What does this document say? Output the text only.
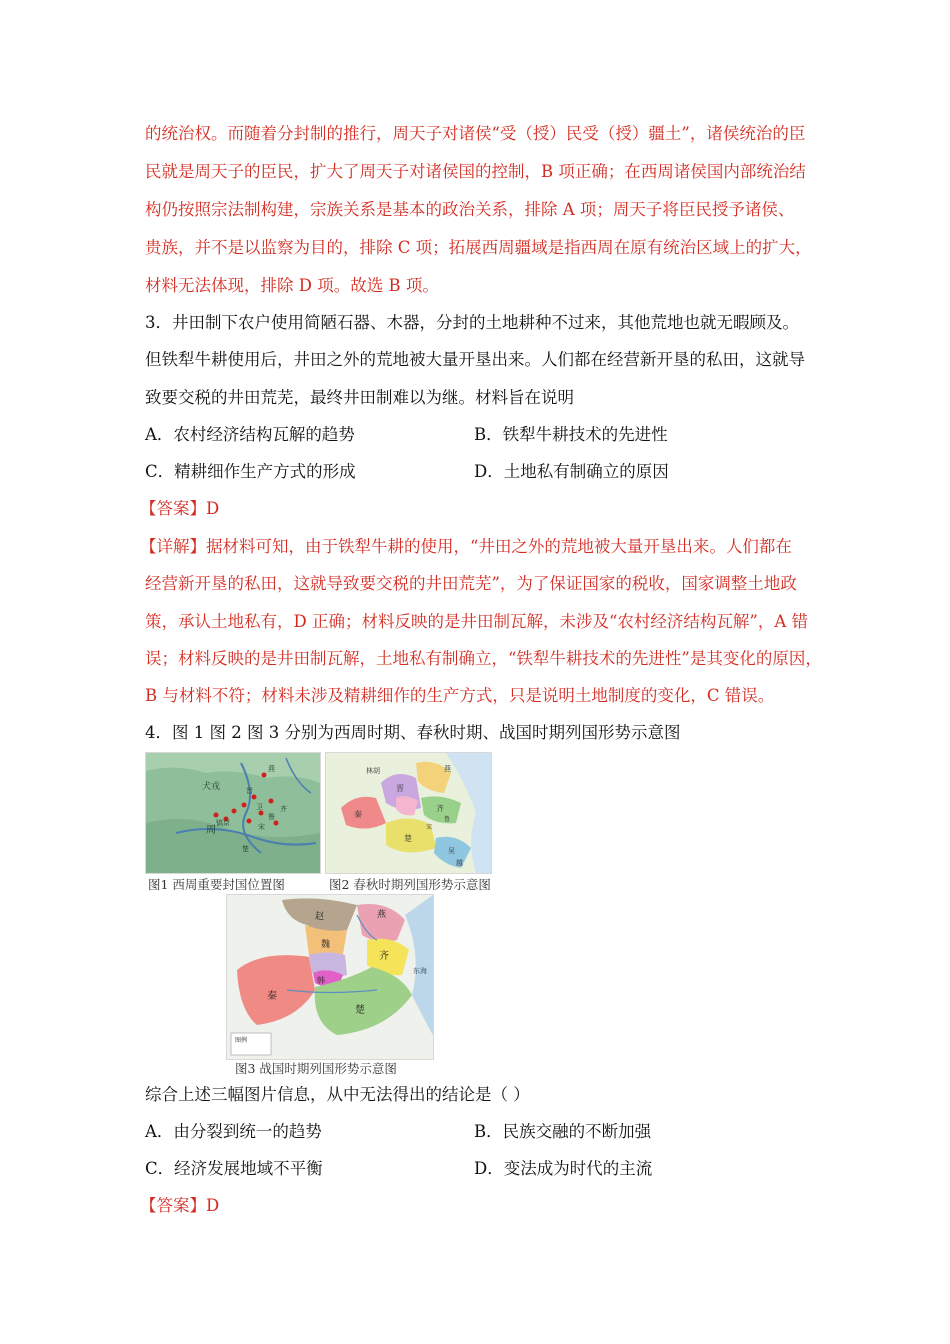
的统治权。而随着分封制的推行，周天子对诸侯“受（授）民受（授）疆土”，诸侯统治的臣
民就是周天子的臣民，扩大了周天子对诸侯国的控制，B 项正确；在西周诸侯国内部统治结
构仍按照宗法制构建，宗族关系是基本的政治关系，排除 A 项；周天子将臣民授予诸侯、
贵族，并不是以监察为目的，排除 C 项；拓展西周疆域是指西周在原有统治区域上的扩大，
材料无法体现，排除 D 项。故选 B 项。
3．井田制下农户使用简陋石器、木器，分封的土地耕种不过来，其他荒地也就无暇顾及。
但铁犁牛耕使用后，井田之外的荒地被大量开垦出来。人们都在经营新开垦的私田，这就导
致要交税的井田荒芜，最终井田制难以为继。材料旨在说明
A．农村经济结构瓦解的趋势	B．铁犁牛耕技术的先进性
C．精耕细作生产方式的形成	D．土地私有制确立的原因
【答案】D
【详解】据材料可知，由于铁犁牛耕的使用，“井田之外的荒地被大量开垦出来。人们都在
经营新开垦的私田，这就导致要交税的井田荒芜”，为了保证国家的税收，国家调整土地政
策，承认土地私有，D 正确；材料反映的是井田制瓦解，未涉及“农村经济结构瓦解”，A 错
误；材料反映的是井田制瓦解，土地私有制确立，“铁犁牛耕技术的先进性”是其变化的原因，
B 与材料不符；材料未涉及精耕细作的生产方式，只是说明土地制度的变化，C 错误。
4．图 1 图 2 图 3 分别为西周时期、春秋时期、战国时期列国形势示意图
犬戎
周
镐京
燕
晋
齐
鲁
卫
宋
楚
图1 西周重要封国位置图
燕
晋
秦
齐
楚
吴
越
林胡
鲁
宋
图2 春秋时期列国形势示意图
燕
赵
齐
魏
韩
秦
楚
东海
图例
图3 战国时期列国形势示意图
综合上述三幅图片信息，从中无法得出的结论是（ ）
A．由分裂到统一的趋势	B．民族交融的不断加强
C．经济发展地域不平衡	D．变法成为时代的主流
【答案】D
